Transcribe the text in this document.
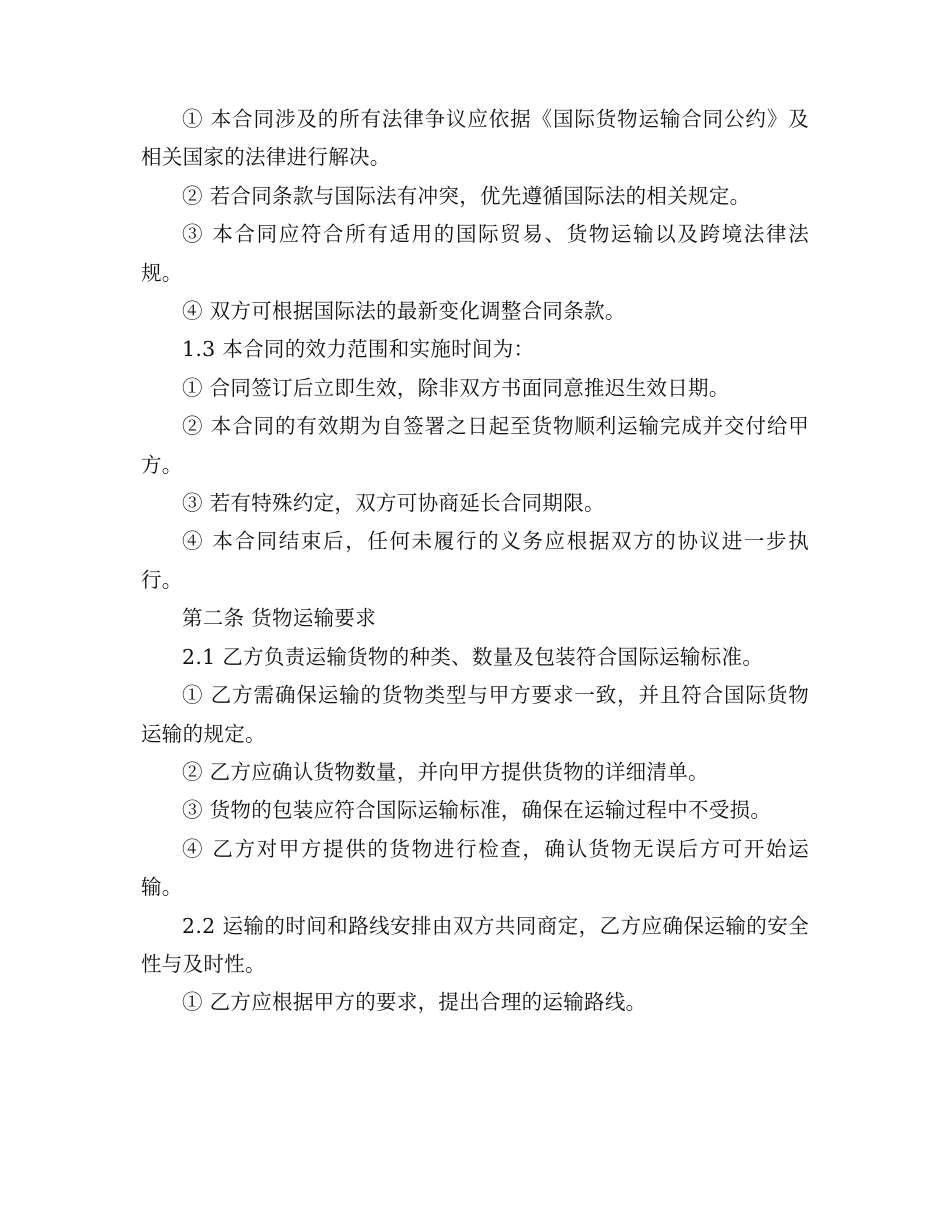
① 本合同涉及的所有法律争议应依据《国际货物运输合同公约》及相关国家的法律进行解决。

② 若合同条款与国际法有冲突，优先遵循国际法的相关规定。

③ 本合同应符合所有适用的国际贸易、货物运输以及跨境法律法规。

④ 双方可根据国际法的最新变化调整合同条款。

1.3 本合同的效力范围和实施时间为：

① 合同签订后立即生效，除非双方书面同意推迟生效日期。

② 本合同的有效期为自签署之日起至货物顺利运输完成并交付给甲方。

③ 若有特殊约定，双方可协商延长合同期限。

④ 本合同结束后，任何未履行的义务应根据双方的协议进一步执行。

第二条 货物运输要求

2.1 乙方负责运输货物的种类、数量及包装符合国际运输标准。

① 乙方需确保运输的货物类型与甲方要求一致，并且符合国际货物运输的规定。

② 乙方应确认货物数量，并向甲方提供货物的详细清单。

③ 货物的包装应符合国际运输标准，确保在运输过程中不受损。

④ 乙方对甲方提供的货物进行检查，确认货物无误后方可开始运输。

2.2 运输的时间和路线安排由双方共同商定，乙方应确保运输的安全性与及时性。

① 乙方应根据甲方的要求，提出合理的运输路线。
